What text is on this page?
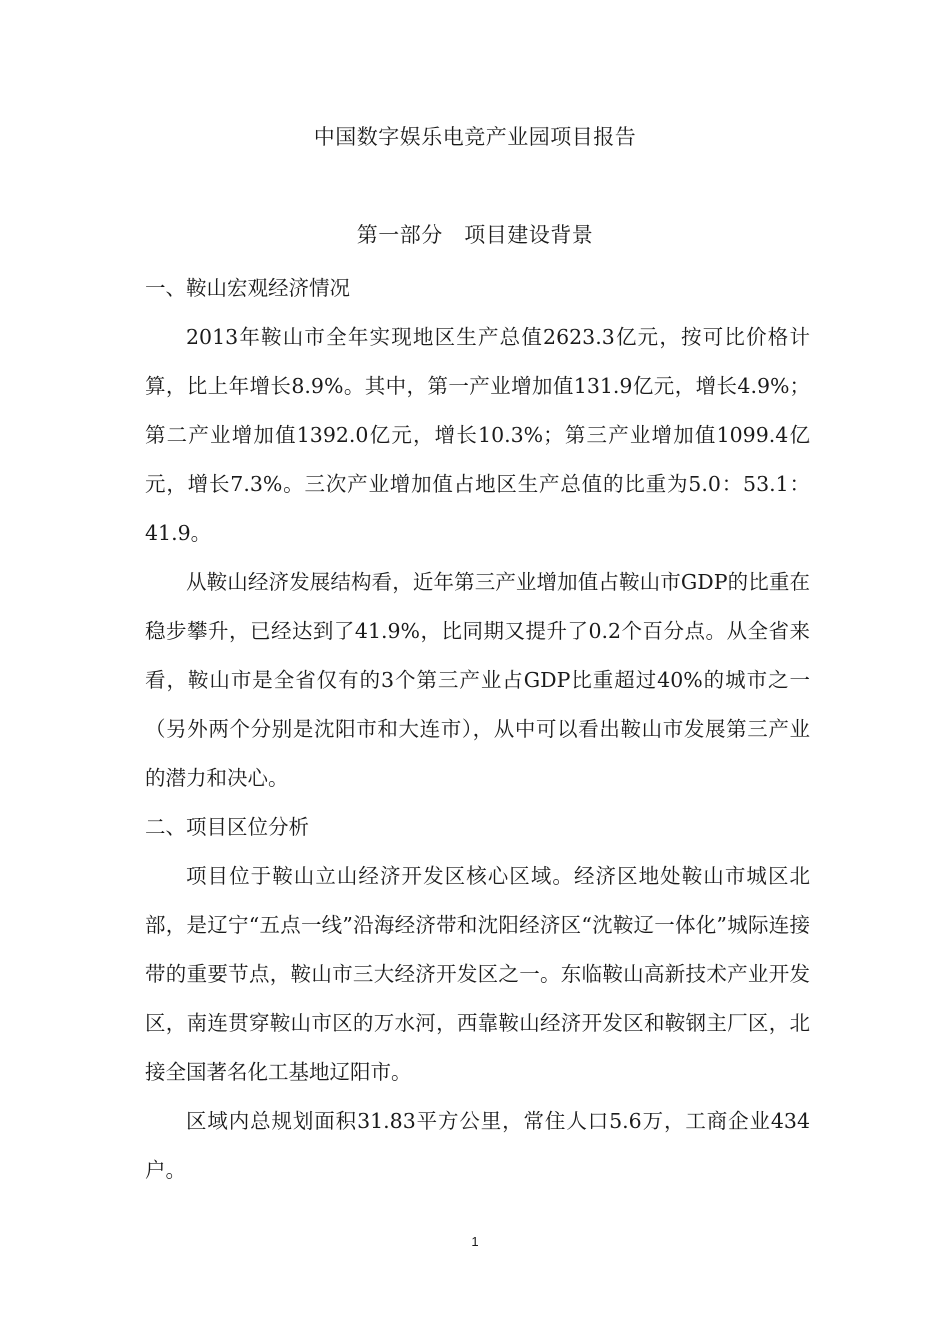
中国数字娱乐电竞产业园项目报告
第一部分　项目建设背景

一、鞍山宏观经济情况

2013年鞍山市全年实现地区生产总值2623.3亿元，按可比价格计算，比上年增长8.9%。其中，第一产业增加值131.9亿元，增长4.9%；第二产业增加值1392.0亿元，增长10.3%；第三产业增加值1099.4亿元，增长7.3%。三次产业增加值占地区生产总值的比重为5.0：53.1：41.9。

从鞍山经济发展结构看，近年第三产业增加值占鞍山市GDP的比重在稳步攀升，已经达到了41.9%，比同期又提升了0.2个百分点。从全省来看，鞍山市是全省仅有的3个第三产业占GDP比重超过40%的城市之一（另外两个分别是沈阳市和大连市），从中可以看出鞍山市发展第三产业的潜力和决心。

二、项目区位分析

项目位于鞍山立山经济开发区核心区域。经济区地处鞍山市城区北部，是辽宁“五点一线”沿海经济带和沈阳经济区“沈鞍辽一体化”城际连接带的重要节点，鞍山市三大经济开发区之一。东临鞍山高新技术产业开发区，南连贯穿鞍山市区的万水河，西靠鞍山经济开发区和鞍钢主厂区，北接全国著名化工基地辽阳市。

区域内总规划面积31.83平方公里，常住人口5.6万，工商企业434户。

1
